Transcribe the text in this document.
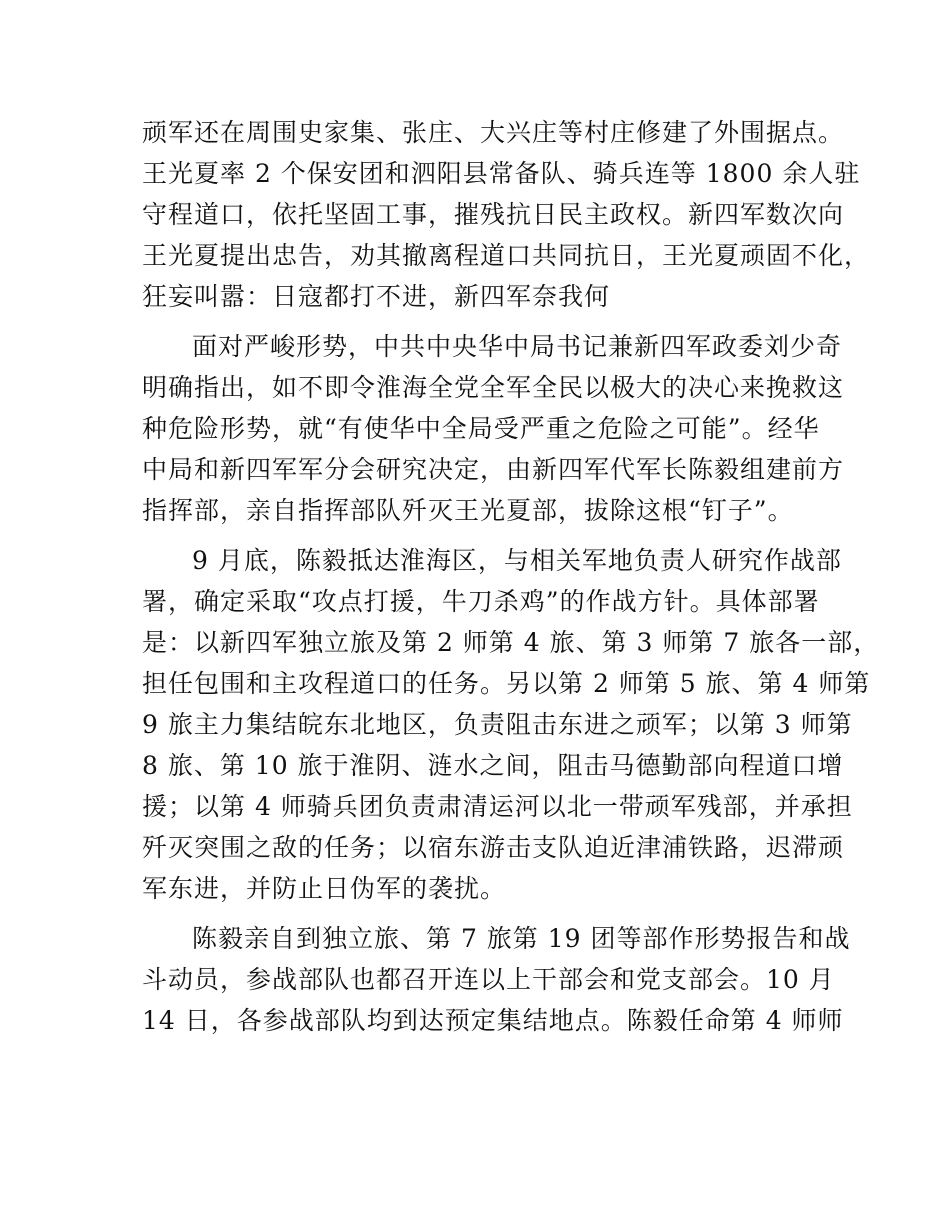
顽军还在周围史家集、张庄、大兴庄等村庄修建了外围据点。
王光夏率 2 个保安团和泗阳县常备队、骑兵连等 1800 余人驻
守程道口，依托坚固工事，摧残抗日民主政权。新四军数次向
王光夏提出忠告，劝其撤离程道口共同抗日，王光夏顽固不化，
狂妄叫嚣：日寇都打不进，新四军奈我何
面对严峻形势，中共中央华中局书记兼新四军政委刘少奇
明确指出，如不即令淮海全党全军全民以极大的决心来挽救这
种危险形势，就“有使华中全局受严重之危险之可能”。经华
中局和新四军军分会研究决定，由新四军代军长陈毅组建前方
指挥部，亲自指挥部队歼灭王光夏部，拔除这根“钉子”。
9 月底，陈毅抵达淮海区，与相关军地负责人研究作战部
署，确定采取“攻点打援，牛刀杀鸡”的作战方针。具体部署
是：以新四军独立旅及第 2 师第 4 旅、第 3 师第 7 旅各一部，
担任包围和主攻程道口的任务。另以第 2 师第 5 旅、第 4 师第
9 旅主力集结皖东北地区，负责阻击东进之顽军；以第 3 师第
8 旅、第 10 旅于淮阴、涟水之间，阻击马德勤部向程道口增
援；以第 4 师骑兵团负责肃清运河以北一带顽军残部，并承担
歼灭突围之敌的任务；以宿东游击支队迫近津浦铁路，迟滞顽
军东进，并防止日伪军的袭扰。
陈毅亲自到独立旅、第 7 旅第 19 团等部作形势报告和战
斗动员，参战部队也都召开连以上干部会和党支部会。10 月
14 日，各参战部队均到达预定集结地点。陈毅任命第 4 师师
